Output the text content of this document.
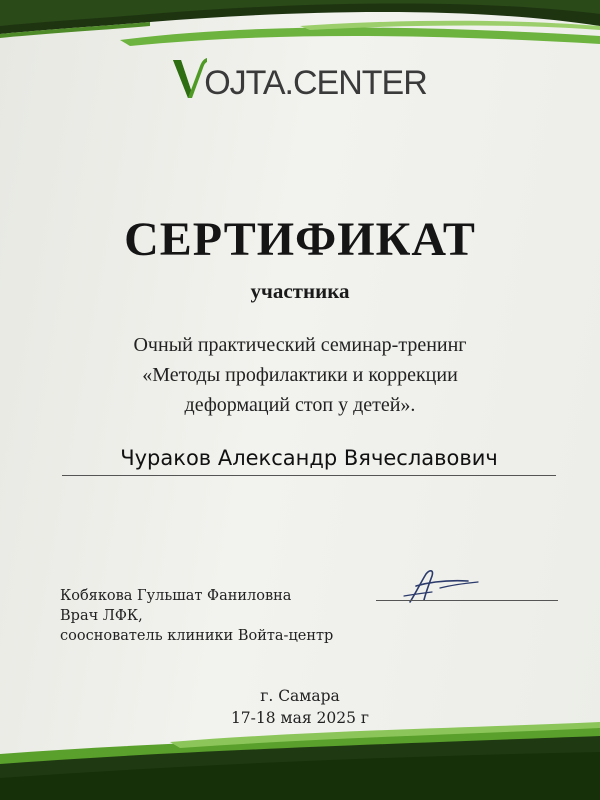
OJTA.CENTER
СЕРТИФИКАТ
участника
Очный практический семинар-тренинг
«Методы профилактики и коррекции
деформаций стоп у детей».
Чураков Александр Вячеславович
Кобякова Гульшат Фаниловна
Врач ЛФК,
сооснователь клиники Войта-центр
г. Самара
17-18 мая 2025 г
